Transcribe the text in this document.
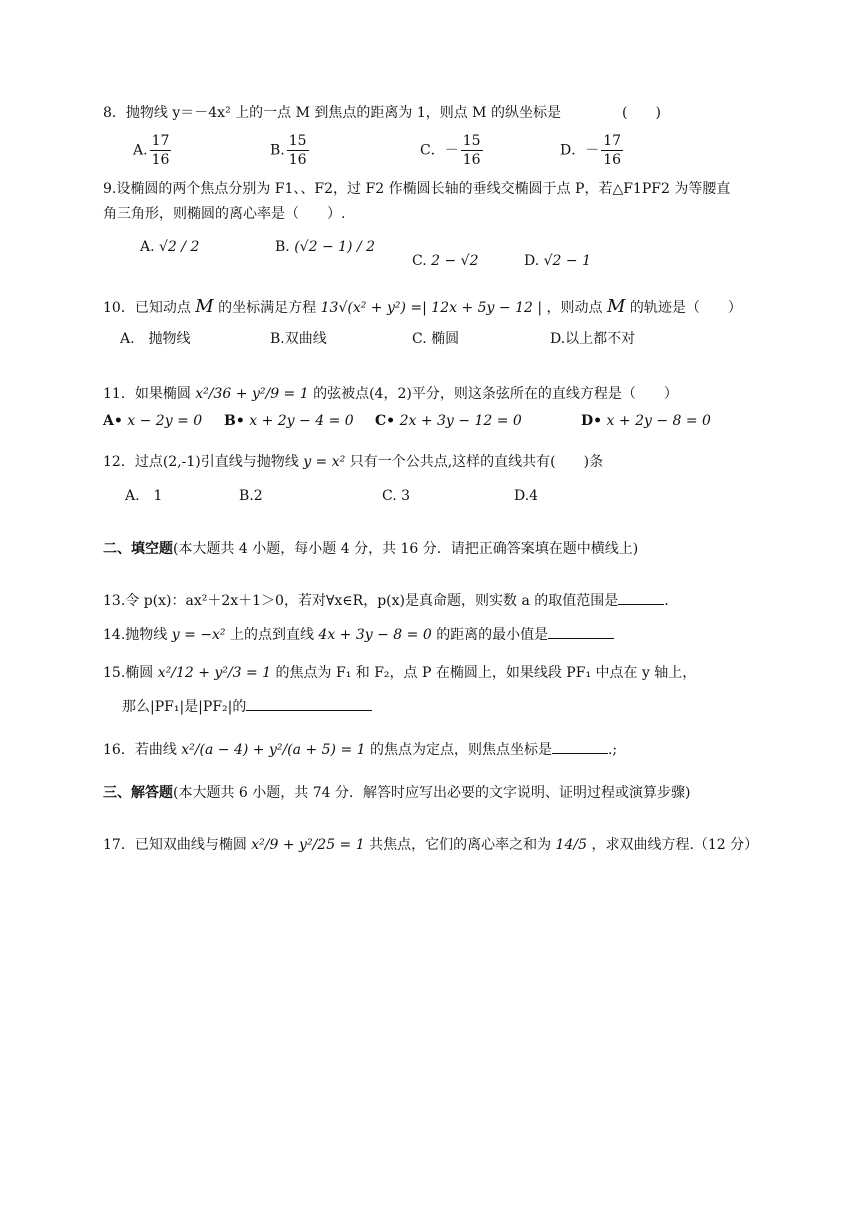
8．抛物线 y＝－4x² 上的一点 M 到焦点的距离为 1，则点 M 的纵坐标是	(　　)
A. $\frac{17}{16}$	B. $\frac{15}{16}$	C．－ $\frac{15}{16}$	D．－ $\frac{17}{16}$
9.设椭圆的两个焦点分别为 F1、、F2，过 F2 作椭圆长轴的垂线交椭圆于点 P，若△F1PF2 为等腰直
角三角形，则椭圆的离心率是（　　）.
A. √2 / 2	B. (√2 − 1) / 2
C. 2 − √2	D. √2 − 1
10．已知动点 M 的坐标满足方程 13√(x² + y²) =| 12x + 5y − 12 | ，则动点 M 的轨迹是（　　）
A.　抛物线	B.双曲线	C. 椭圆	D.以上都不对
11．如果椭圆 x²/36 + y²/9 = 1 的弦被点(4，2)平分，则这条弦所在的直线方程是（　　）
A• x − 2y = 0 B• x + 2y − 4 = 0 C• 2x + 3y − 12 = 0	D• x + 2y − 8 = 0
12．过点(2,-1)引直线与抛物线 y = x² 只有一个公共点,这样的直线共有(　　)条
A.　1	B.2	C. 3	D.4
二、填空题(本大题共 4 小题，每小题 4 分，共 16 分．请把正确答案填在题中横线上)
13.令 p(x)：ax²＋2x＋1＞0，若对∀x∈R，p(x)是真命题，则实数 a 的取值范围是	.
14.抛物线 y = −x² 上的点到直线 4x + 3y − 8 = 0 的距离的最小值是
15.椭圆 x²/12 + y²/3 = 1 的焦点为 F₁ 和 F₂，点 P 在椭圆上，如果线段 PF₁ 中点在 y 轴上，
那么|PF₁|是|PF₂|的
16．若曲线 x²/(a − 4) + y²/(a + 5) = 1 的焦点为定点，则焦点坐标是	.;
三、解答题(本大题共 6 小题，共 74 分．解答时应写出必要的文字说明、证明过程或演算步骤)
17．已知双曲线与椭圆 x²/9 + y²/25 = 1 共焦点，它们的离心率之和为 14/5 ，求双曲线方程.（12 分）
